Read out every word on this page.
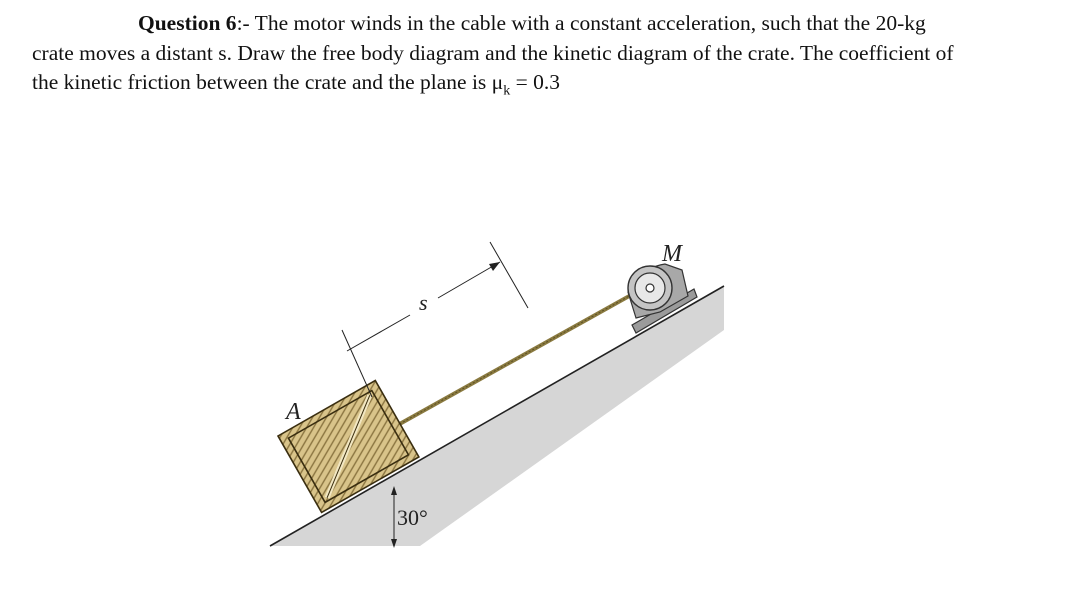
Question 6:- The motor winds in the cable with a constant acceleration, such that the 20-kg
crate moves a distant s. Draw the free body diagram and the kinetic diagram of the crate. The coefficient of
the kinetic friction between the crate and the plane is $\mu_k = 0.3$
A
M
s
30°
